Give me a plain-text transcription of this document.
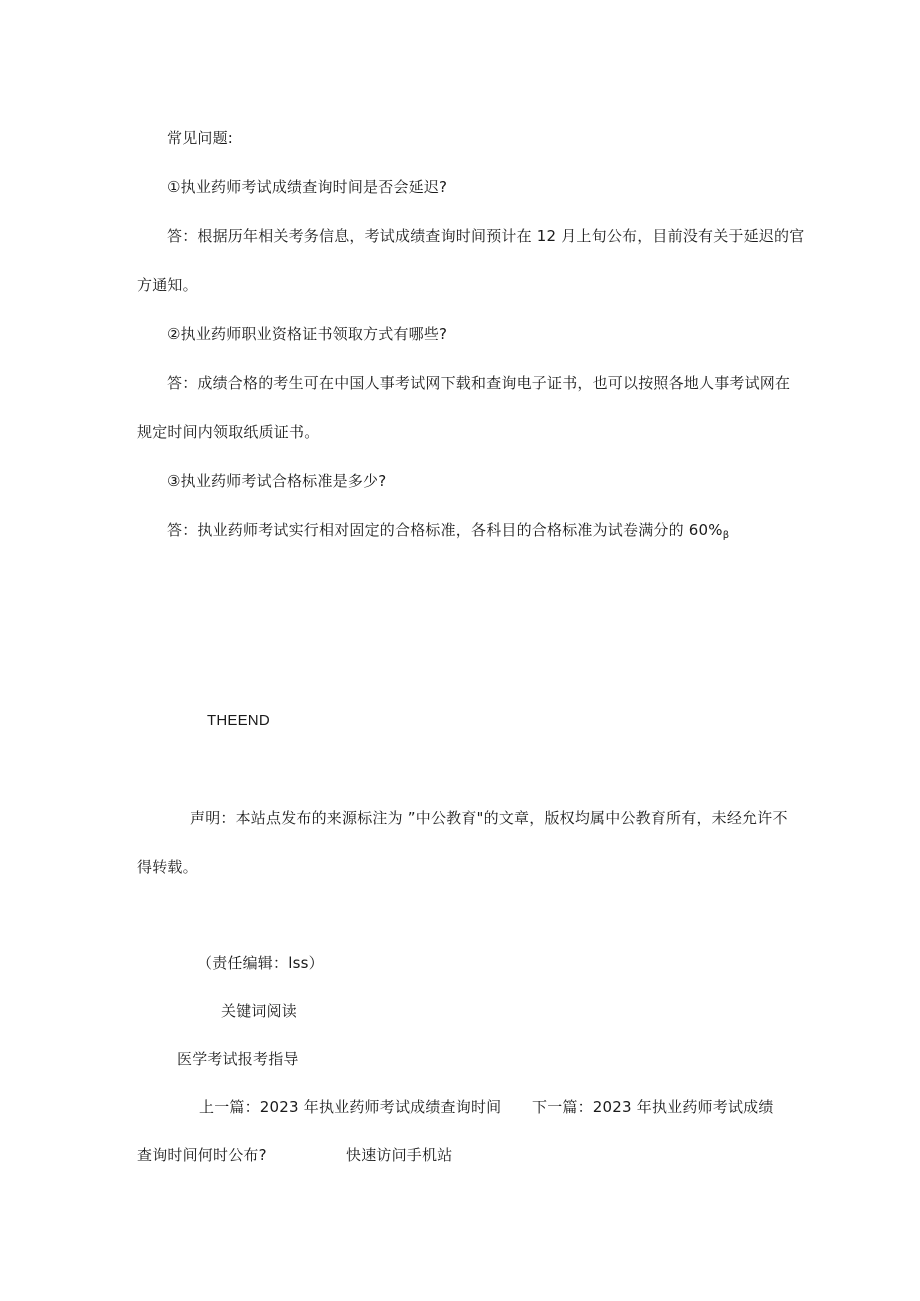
常见问题:
①执业药师考试成绩查询时间是否会延迟?
答：根据历年相关考务信息，考试成绩查询时间预计在 12 月上旬公布，目前没有关于延迟的官
方通知。
②执业药师职业资格证书领取方式有哪些?
答：成绩合格的考生可在中国人事考试网下载和查询电子证书，也可以按照各地人事考试网在
规定时间内领取纸质证书。
③执业药师考试合格标准是多少?
答：执业药师考试实行相对固定的合格标准，各科目的合格标准为试卷满分的 $60\%_\beta$
THEEND
声明：本站点发布的来源标注为 ”中公教育"的文章，版权均属中公教育所有，未经允许不
得转载。
（责任编辑：lss）
关键词阅读
医学考试报考指导
上一篇：2023 年执业药师考试成绩查询时间 下一篇：2023 年执业药师考试成绩
查询时间何时公布?	快速访问手机站
